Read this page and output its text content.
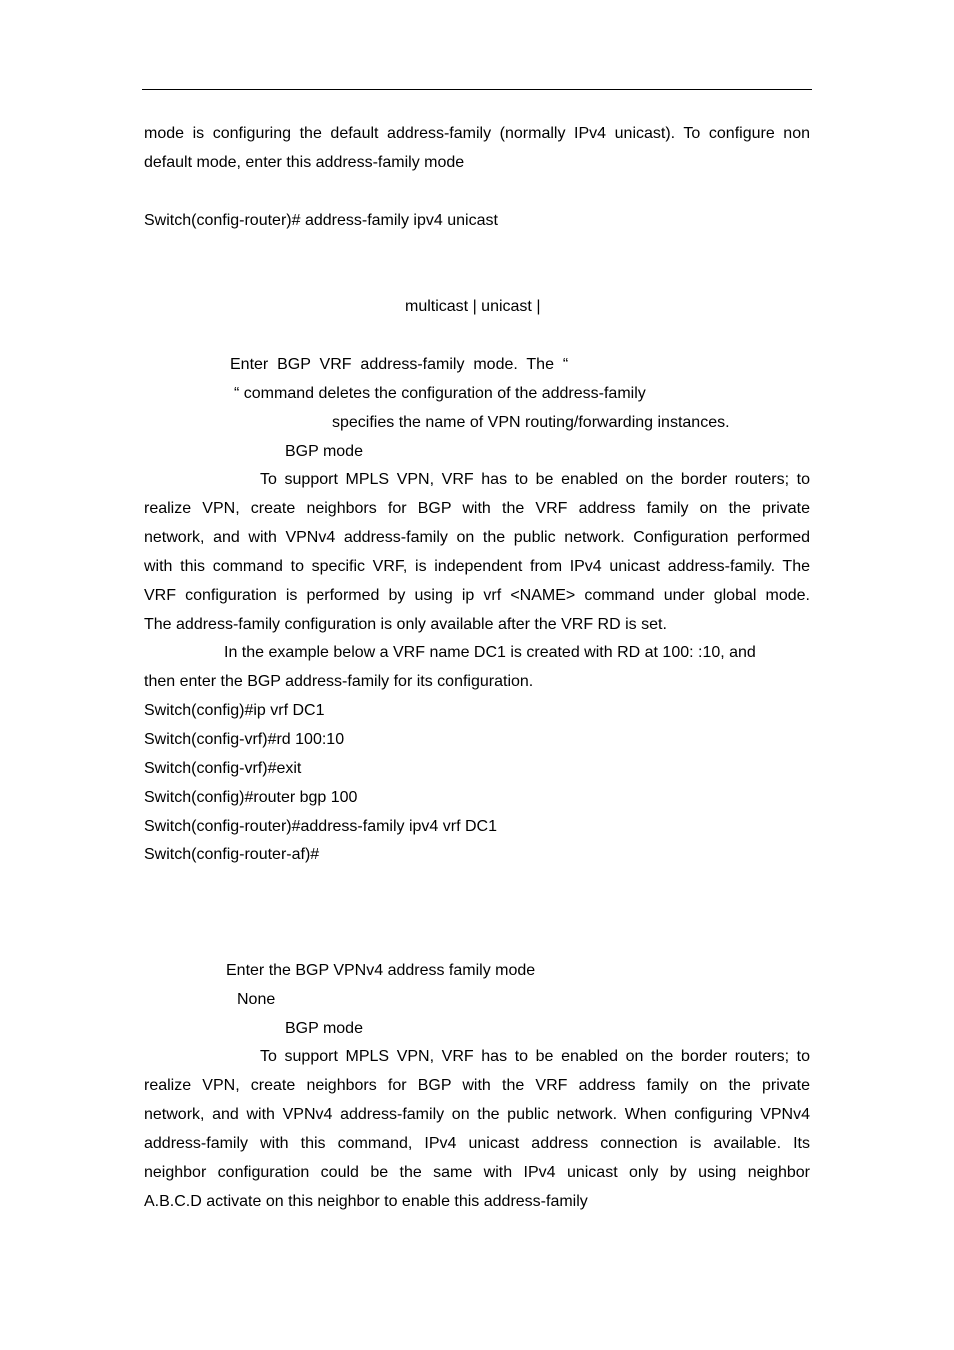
mode is configuring the default address-family (normally IPv4 unicast). To configure non
default mode, enter this address-family mode
Switch(config-router)# address-family ipv4 unicast
multicast | unicast |
Enter  BGP  VRF  address-family  mode.  The  “
“ command deletes the configuration of the address-family
specifies the name of VPN routing/forwarding instances.
BGP mode
To support MPLS VPN, VRF has to be enabled on the border routers; to
realize VPN, create neighbors for BGP with the VRF address family on the private
network, and with VPNv4 address-family on the public network. Configuration performed
with this command to specific VRF, is independent from IPv4 unicast address-family. The
VRF configuration is performed by using ip vrf <NAME> command under global mode.
The address-family configuration is only available after the VRF RD is set.
In the example below a VRF name DC1 is created with RD at 100: :10, and
then enter the BGP address-family for its configuration.
Switch(config)#ip vrf DC1
Switch(config-vrf)#rd 100:10
Switch(config-vrf)#exit
Switch(config)#router bgp 100
Switch(config-router)#address-family ipv4 vrf DC1
Switch(config-router-af)#
Enter the BGP VPNv4 address family mode
None
BGP mode
To support MPLS VPN, VRF has to be enabled on the border routers; to
realize VPN, create neighbors for BGP with the VRF address family on the private
network, and with VPNv4 address-family on the public network. When configuring VPNv4
address-family with this command, IPv4 unicast address connection is available. Its
neighbor configuration could be the same with IPv4 unicast only by using neighbor
A.B.C.D activate on this neighbor to enable this address-family
